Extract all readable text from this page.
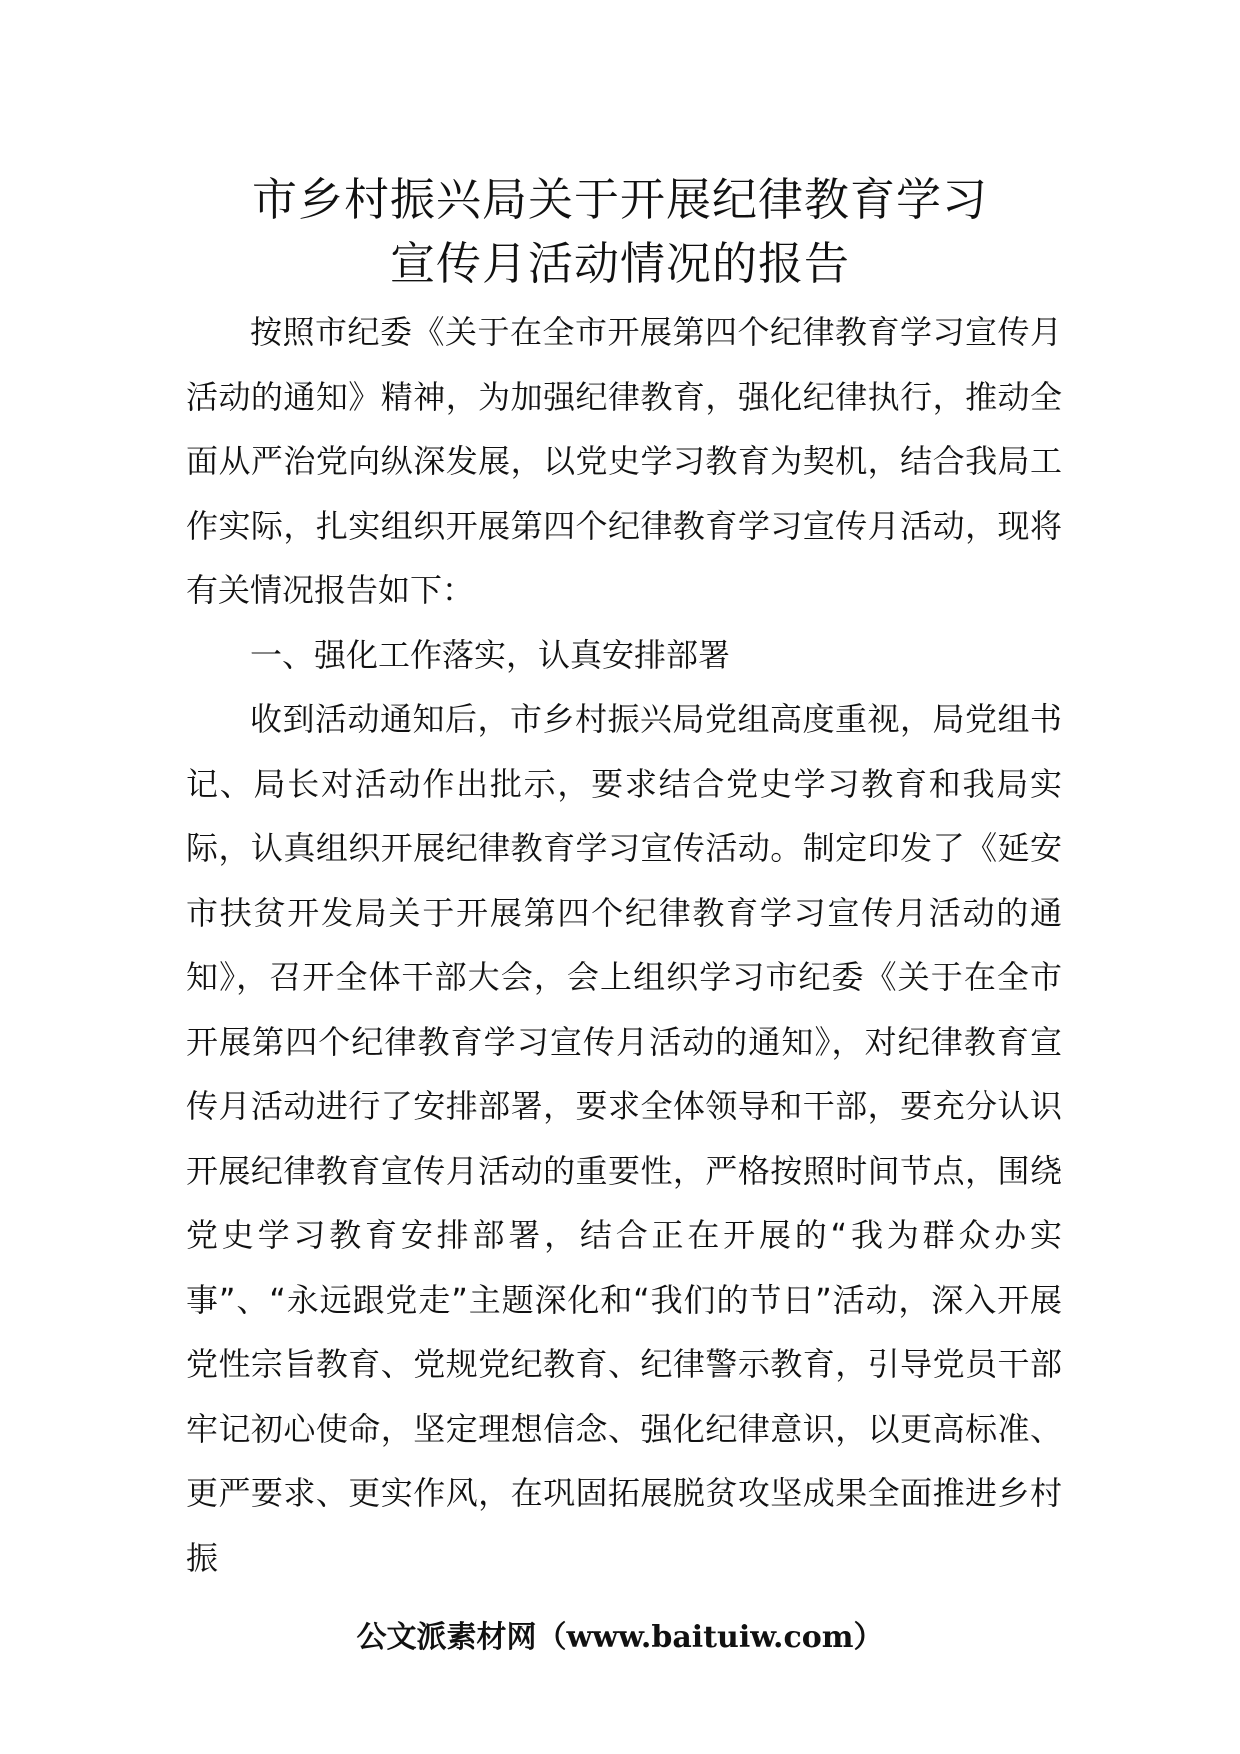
市乡村振兴局关于开展纪律教育学习
宣传月活动情况的报告

按照市纪委《关于在全市开展第四个纪律教育学习宣传月活动的通知》精神，为加强纪律教育，强化纪律执行，推动全面从严治党向纵深发展，以党史学习教育为契机，结合我局工作实际，扎实组织开展第四个纪律教育学习宣传月活动，现将有关情况报告如下：

一、强化工作落实，认真安排部署

收到活动通知后，市乡村振兴局党组高度重视，局党组书记、局长对活动作出批示，要求结合党史学习教育和我局实际，认真组织开展纪律教育学习宣传活动。制定印发了《延安市扶贫开发局关于开展第四个纪律教育学习宣传月活动的通知》，召开全体干部大会，会上组织学习市纪委《关于在全市开展第四个纪律教育学习宣传月活动的通知》，对纪律教育宣传月活动进行了安排部署，要求全体领导和干部，要充分认识开展纪律教育宣传月活动的重要性，严格按照时间节点，围绕党史学习教育安排部署，结合正在开展的“我为群众办实事”、“永远跟党走”主题深化和“我们的节日”活动，深入开展党性宗旨教育、党规党纪教育、纪律警示教育，引导党员干部牢记初心使命，坚定理想信念、强化纪律意识，以更高标准、更严要求、更实作风，在巩固拓展脱贫攻坚成果全面推进乡村振

公文派素材网（www.baituiw.com）
